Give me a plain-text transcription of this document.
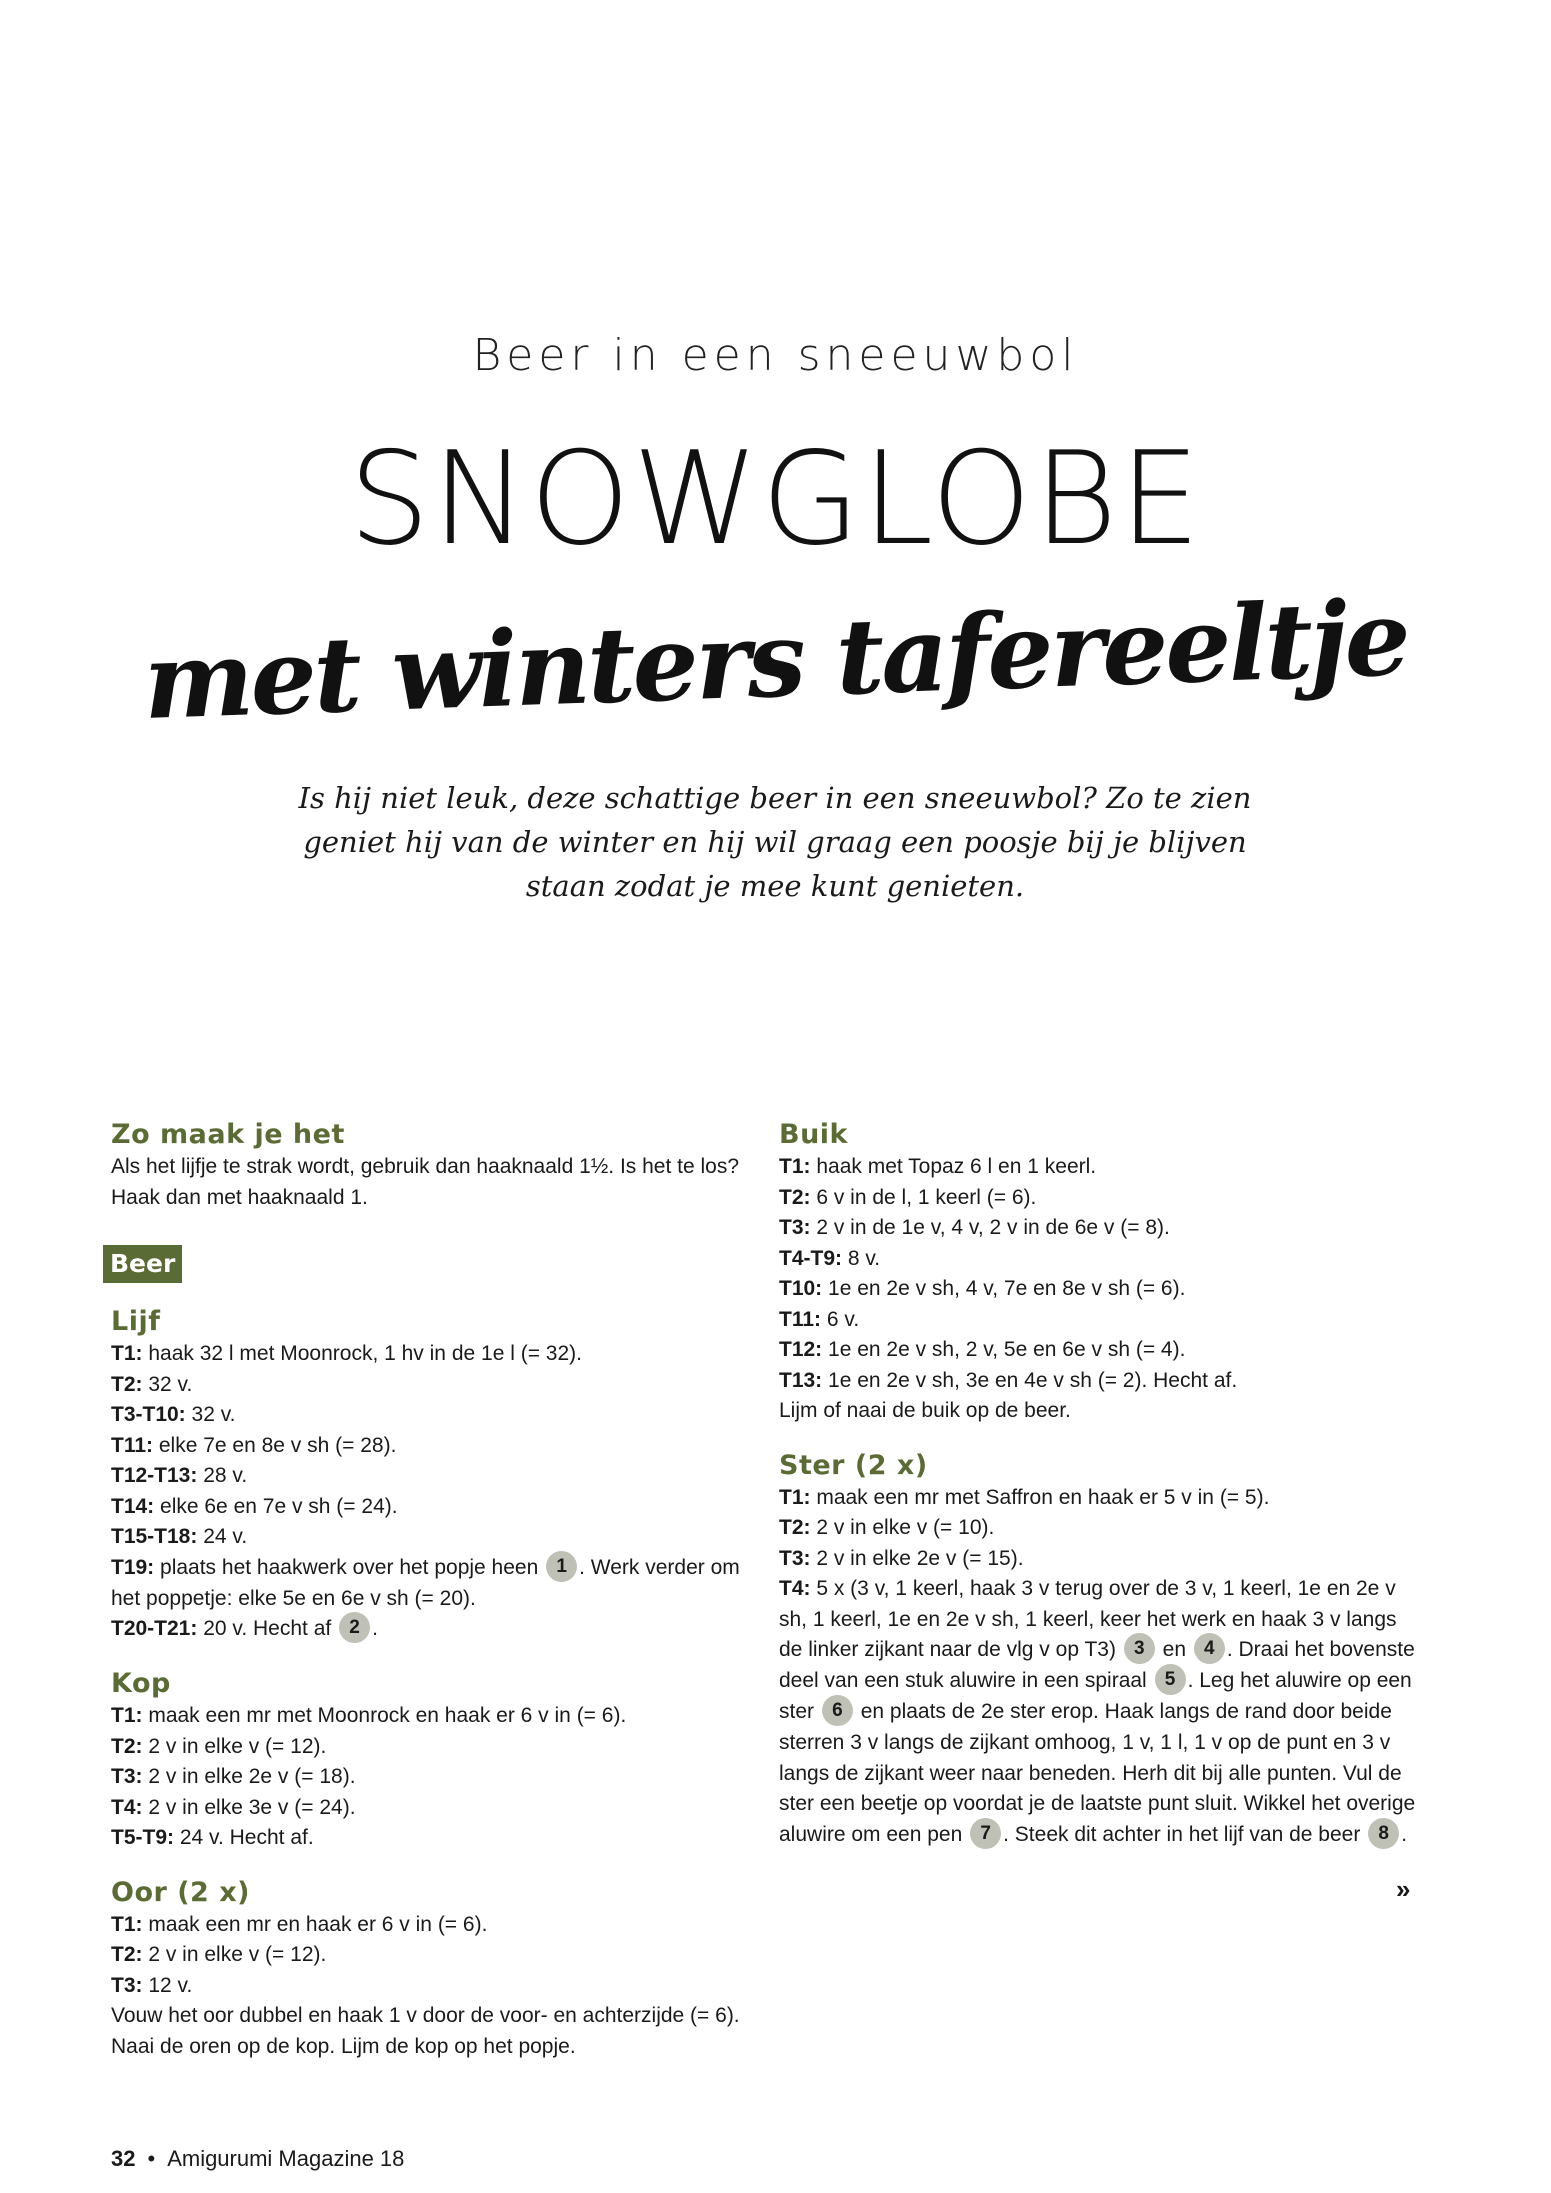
Beer in een sneeuwbol
SNOWGLOBE
met winters tafereeltje
Is hij niet leuk, deze schattige beer in een sneeuwbol? Zo te zien geniet hij van de winter en hij wil graag een poosje bij je blijven staan zodat je mee kunt genieten.
Zo maak je het

Als het lijfje te strak wordt, gebruik dan haaknaald 1½. Is het te los? Haak dan met haaknaald 1.

Beer
Lijf

T1: haak 32 l met Moonrock, 1 hv in de 1e l (= 32).

T2: 32 v.

T3-T10: 32 v.

T11: elke 7e en 8e v sh (= 28).

T12-T13: 28 v.

T14: elke 6e en 7e v sh (= 24).

T15-T18: 24 v.

T19: plaats het haakwerk over het popje heen 1 . Werk verder om het poppetje: elke 5e en 6e v sh (= 20).

T20-T21: 20 v. Hecht af 2 .

Kop

T1: maak een mr met Moonrock en haak er 6 v in (= 6).

T2: 2 v in elke v (= 12).

T3: 2 v in elke 2e v (= 18).

T4: 2 v in elke 3e v (= 24).

T5-T9: 24 v. Hecht af.

Oor (2 x)

T1: maak een mr en haak er 6 v in (= 6).

T2: 2 v in elke v (= 12).

T3: 12 v.

Vouw het oor dubbel en haak 1 v door de voor- en achterzijde (= 6). Naai de oren op de kop. Lijm de kop op het popje.

Buik

T1: haak met Topaz 6 l en 1 keerl.

T2: 6 v in de l, 1 keerl (= 6).

T3: 2 v in de 1e v, 4 v, 2 v in de 6e v (= 8).

T4-T9: 8 v.

T10: 1e en 2e v sh, 4 v, 7e en 8e v sh (= 6).

T11: 6 v.

T12: 1e en 2e v sh, 2 v, 5e en 6e v sh (= 4).

T13: 1e en 2e v sh, 3e en 4e v sh (= 2). Hecht af.

Lijm of naai de buik op de beer.

Ster (2 x)

T1: maak een mr met Saffron en haak er 5 v in (= 5).

T2: 2 v in elke v (= 10).

T3: 2 v in elke 2e v (= 15).

T4: 5 x (3 v, 1 keerl, haak 3 v terug over de 3 v, 1 keerl, 1e en 2e v sh, 1 keerl, 1e en 2e v sh, 1 keerl, keer het werk en haak 3 v langs de linker zijkant naar de vlg v op T3) 3 en 4 . Draai het bovenste deel van een stuk aluwire in een spiraal 5 . Leg het aluwire op een ster 6 en plaats de 2e ster erop. Haak langs de rand door beide sterren 3 v langs de zijkant omhoog, 1 v, 1 l, 1 v op de punt en 3 v langs de zijkant weer naar beneden. Herh dit bij alle punten. Vul de ster een beetje op voordat je de laatste punt sluit. Wikkel het overige aluwire om een pen 7 . Steek dit achter in het lijf van de beer 8 .

»
32 • Amigurumi Magazine 18
